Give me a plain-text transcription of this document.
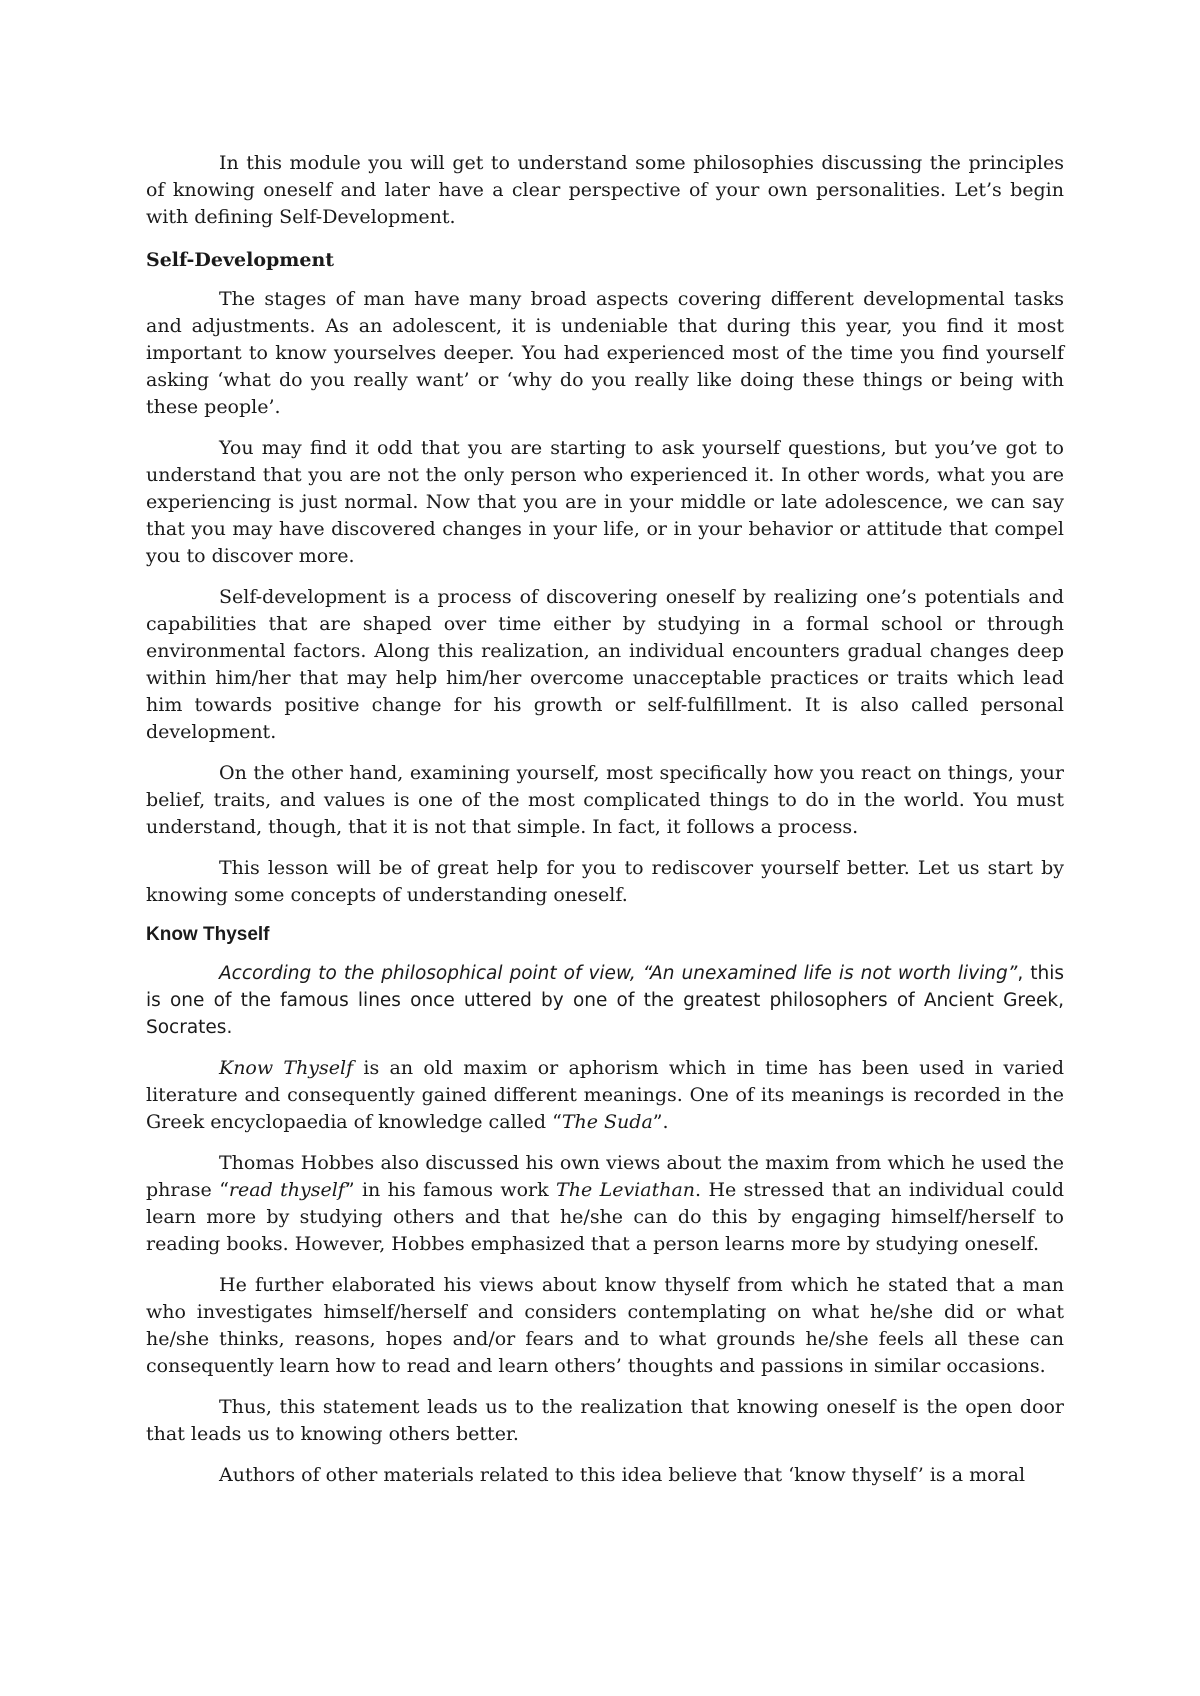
In this module you will get to understand some philosophies discussing the principles of knowing oneself and later have a clear perspective of your own personalities. Let’s begin with defining Self-Development.

Self-Development

The stages of man have many broad aspects covering different developmental tasks and adjustments. As an adolescent, it is undeniable that during this year, you find it most important to know yourselves deeper. You had experienced most of the time you find yourself asking ‘what do you really want’ or ‘why do you really like doing these things or being with these people’.

You may find it odd that you are starting to ask yourself questions, but you’ve got to understand that you are not the only person who experienced it. In other words, what you are experiencing is just normal. Now that you are in your middle or late adolescence, we can say that you may have discovered changes in your life, or in your behavior or attitude that compel you to discover more.

Self-development is a process of discovering oneself by realizing one’s potentials and capabilities that are shaped over time either by studying in a formal school or through environmental factors. Along this realization, an individual encounters gradual changes deep within him/her that may help him/her overcome unacceptable practices or traits which lead him towards positive change for his growth or self-fulfillment. It is also called personal development.

On the other hand, examining yourself, most specifically how you react on things, your belief, traits, and values is one of the most complicated things to do in the world. You must understand, though, that it is not that simple. In fact, it follows a process.

This lesson will be of great help for you to rediscover yourself better. Let us start by knowing some concepts of understanding oneself.

Know Thyself

According to the philosophical point of view, “An unexamined life is not worth living”, this is one of the famous lines once uttered by one of the greatest philosophers of Ancient Greek, Socrates.

Know Thyself is an old maxim or aphorism which in time has been used in varied literature and consequently gained different meanings. One of its meanings is recorded in the Greek encyclopaedia of knowledge called “The Suda”.

Thomas Hobbes also discussed his own views about the maxim from which he used the phrase “read thyself” in his famous work The Leviathan. He stressed that an individual could learn more by studying others and that he/she can do this by engaging himself/herself to reading books. However, Hobbes emphasized that a person learns more by studying oneself.

He further elaborated his views about know thyself from which he stated that a man who investigates himself/herself and considers contemplating on what he/she did or what he/she thinks, reasons, hopes and/or fears and to what grounds he/she feels all these can consequently learn how to read and learn others’ thoughts and passions in similar occasions.

Thus, this statement leads us to the realization that knowing oneself is the open door that leads us to knowing others better.

Authors of other materials related to this idea believe that ‘know thyself’ is a moral
